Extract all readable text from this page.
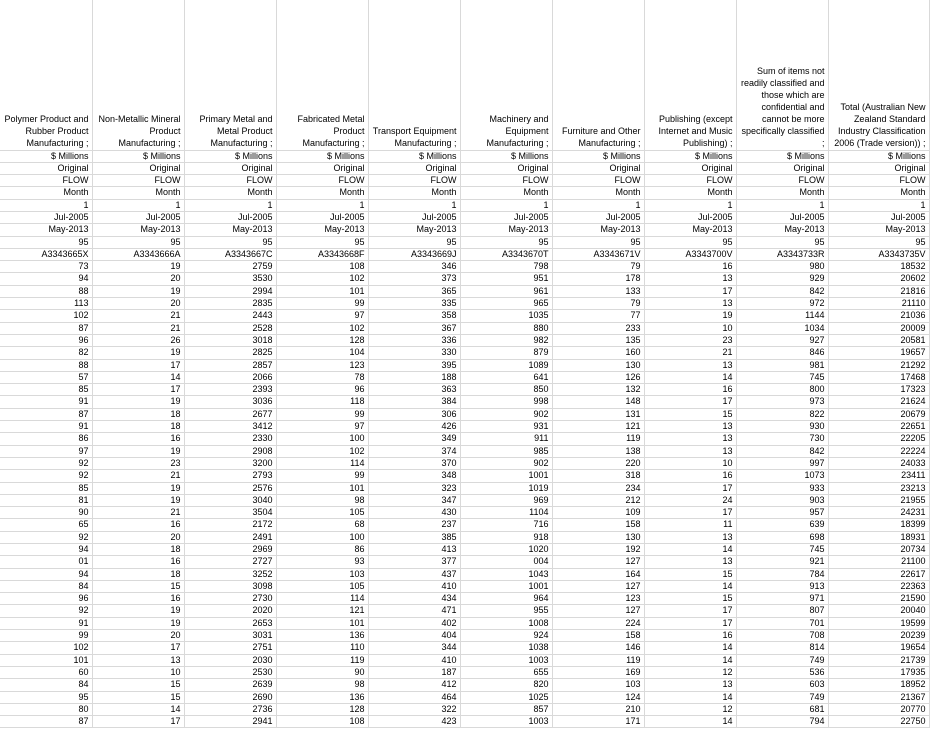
Polymer Product and Rubber Product Manufacturing ;	Non-Metallic Mineral Product Manufacturing ;	Primary Metal and Metal Product Manufacturing ;	Fabricated Metal Product Manufacturing ;	Transport Equipment Manufacturing ;	Machinery and Equipment Manufacturing ;	Furniture and Other Manufacturing ;	Publishing (except Internet and Music Publishing) ;	Sum of items not readily classified and those which are confidential and cannot be more specifically classified ;	Total (Australian New Zealand Standard Industry Classification 2006 (Trade version)) ;
$ Millions	$ Millions	$ Millions	$ Millions	$ Millions	$ Millions	$ Millions	$ Millions	$ Millions	$ Millions
Original	Original	Original	Original	Original	Original	Original	Original	Original	Original
FLOW	FLOW	FLOW	FLOW	FLOW	FLOW	FLOW	FLOW	FLOW	FLOW
Month	Month	Month	Month	Month	Month	Month	Month	Month	Month
1	1	1	1	1	1	1	1	1	1
Jul-2005	Jul-2005	Jul-2005	Jul-2005	Jul-2005	Jul-2005	Jul-2005	Jul-2005	Jul-2005	Jul-2005
May-2013	May-2013	May-2013	May-2013	May-2013	May-2013	May-2013	May-2013	May-2013	May-2013
95	95	95	95	95	95	95	95	95	95
A3343665X	A3343666A	A3343667C	A3343668F	A3343669J	A3343670T	A3343671V	A3343700V	A3343733R	A3343735V
73	19	2759	108	346	798	79	16	980	18532
94	20	3530	102	373	951	178	13	929	20602
88	19	2994	101	365	961	133	17	842	21816
113	20	2835	99	335	965	79	13	972	21110
102	21	2443	97	358	1035	77	19	1144	21036
87	21	2528	102	367	880	233	10	1034	20009
96	26	3018	128	336	982	135	23	927	20581
82	19	2825	104	330	879	160	21	846	19657
88	17	2857	123	395	1089	130	13	981	21292
57	14	2066	78	188	641	126	14	745	17468
85	17	2393	96	363	850	132	16	800	17323
91	19	3036	118	384	998	148	17	973	21624
87	18	2677	99	306	902	131	15	822	20679
91	18	3412	97	426	931	121	13	930	22651
86	16	2330	100	349	911	119	13	730	22205
97	19	2908	102	374	985	138	13	842	22224
92	23	3200	114	370	902	220	10	997	24033
92	21	2793	99	348	1001	318	16	1073	23411
85	19	2576	101	323	1019	234	17	933	23213
81	19	3040	98	347	969	212	24	903	21955
90	21	3504	105	430	1104	109	17	957	24231
65	16	2172	68	237	716	158	11	639	18399
92	20	2491	100	385	918	130	13	698	18931
94	18	2969	86	413	1020	192	14	745	20734
01	16	2727	93	377	004	127	13	921	21100
94	18	3252	103	437	1043	164	15	784	22617
84	15	3098	105	410	1001	127	14	913	22363
96	16	2730	114	434	964	123	15	971	21590
92	19	2020	121	471	955	127	17	807	20040
91	19	2653	101	402	1008	224	17	701	19599
99	20	3031	136	404	924	158	16	708	20239
102	17	2751	110	344	1038	146	14	814	19654
101	13	2030	119	410	1003	119	14	749	21739
60	10	2530	90	187	655	169	12	536	17935
84	15	2639	98	412	820	103	13	603	18952
95	15	2690	136	464	1025	124	14	749	21367
80	14	2736	128	322	857	210	12	681	20770
87	17	2941	108	423	1003	171	14	794	22750
